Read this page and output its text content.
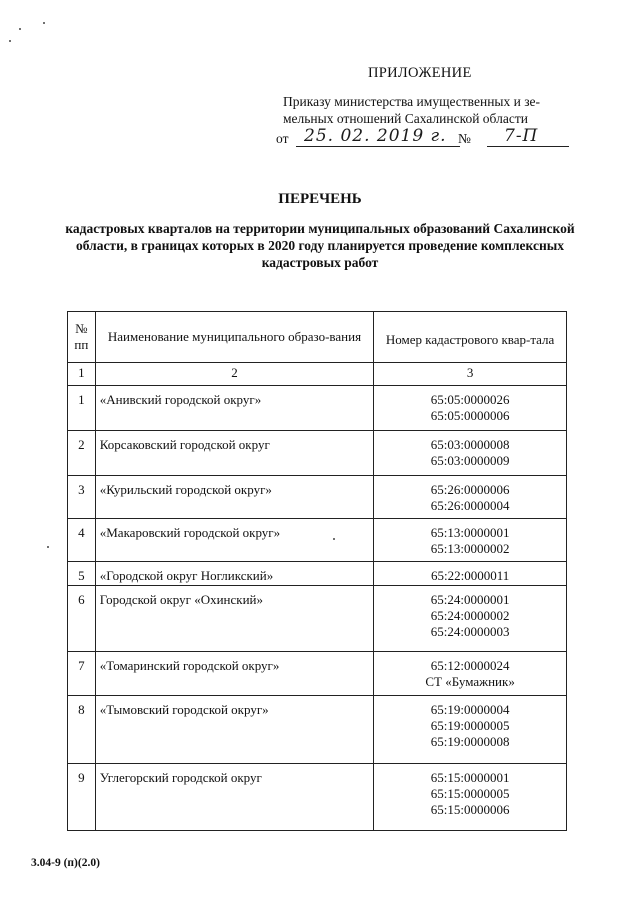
ПРИЛОЖЕНИЕ
Приказу министерства имущественных и зе-
мельных отношений Сахалинской области
от 25. 02. 2019 г. № 7-П
ПЕРЕЧЕНЬ
кадастровых кварталов на территории муниципальных образований Сахалинской области, в границах которых в 2020 году планируется проведение комплексных кадастровых работ
№ пп	Наименование муниципального образо-вания	Номер кадастрового квар-тала
1	2	3
1	«Анивский городской округ»	65:05:0000026
65:05:0000006

2	Корсаковский городской округ	65:03:0000008
65:03:0000009

3	«Курильский городской округ»	65:26:0000006
65:26:0000004

4	«Макаровский городской округ»	65:13:0000001
65:13:0000002

5	«Городской округ Ногликский»	65:22:0000011

6	Городской округ «Охинский»	65:24:0000001
65:24:0000002
65:24:0000003

7	«Томаринский городской округ»	65:12:0000024
СТ «Бумажник»

8	«Тымовский городской округ»	65:19:0000004
65:19:0000005
65:19:0000008

9	Углегорский городской округ	65:15:0000001
65:15:0000005
65:15:0000006
3.04-9 (п)(2.0)
